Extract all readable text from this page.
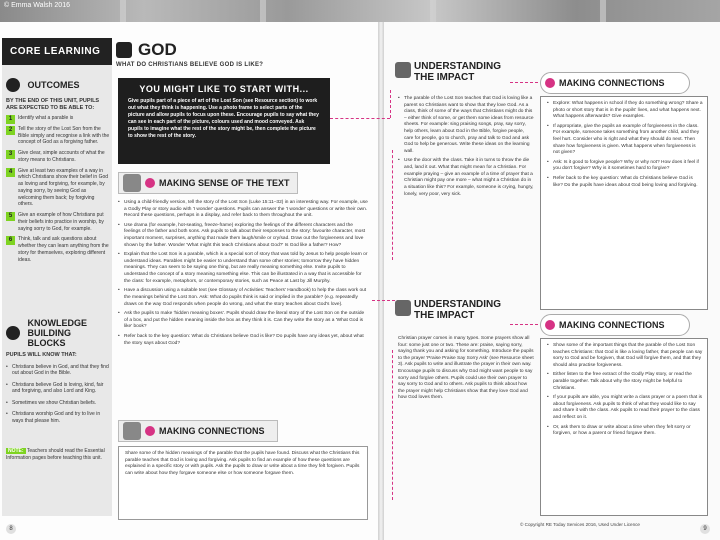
© Emma Walsh 2016
CORE LEARNING
OUTCOMES
BY THE END OF THIS UNIT, PUPILS ARE EXPECTED TO BE ABLE TO:
1	Identify what a parable is
2	Tell the story of the Lost Son from the Bible simply and recognise a link with the concept of God as a forgiving father.
3	Give clear, simple accounts of what the story means to Christians.
4	Give at least two examples of a way in which Christians show their belief in God as loving and forgiving, for example, by saying sorry, by seeing God as welcoming them back; by forgiving others.
5	Give an example of how Christians put their beliefs into practice in worship, by saying sorry to God, for example.
6	Think, talk and ask questions about whether they can learn anything from the story for themselves, exploring different ideas.
KNOWLEDGE BUILDING BLOCKS
PUPILS WILL KNOW THAT:
• Christians believe in God, and that they find out about God in the Bible.
• Christians believe God is loving, kind, fair and forgiving, and also Lord and King.
• Sometimes we show Christian beliefs.
• Christians worship God and try to live in ways that please him.
NOTE: Teachers should read the Essential Information pages before teaching this unit.
GOD
WHAT DO CHRISTIANS BELIEVE GOD IS LIKE?
YOU MIGHT LIKE TO START WITH...

Give pupils part of a piece of art of the Lost Son (see Resource section) to work out what they think is happening. Use a photo frame to select parts of the picture and allow pupils to focus upon these. Encourage pupils to say what they can see in each part of the picture, colours used and mood conveyed. Ask pupils to imagine what the rest of the story might be, then complete the picture to show the rest of the story.

MAKING SENSE OF THE TEXT
• Using a child-friendly version, tell the story of the Lost Son (Luke 15:11–32) in an interesting way. For example, use a Godly Play or story audio with 'I wonder' questions. Pupils can answer the 'I wonder' questions or write their own. Record these questions, perhaps in a display, and refer back to them throughout the unit.
• Use drama (for example, hot-seating, freeze-frame) exploring the feelings of the different characters and the feelings of the father and both sons. Ask pupils to talk about their responses to the story: favourite character, most important moment, surprises, anything that made them laugh/smile or cry/sad. Draw out the forgiveness and love shown by the father. Wonder 'What might this teach Christians about God?' Is God like a father? How?
• Explain that the Lost Son is a parable, which is a special sort of story that was told by Jesus to help people learn or understand ideas. Parables might be easier to understand than some other stories; tomorrow they have hidden meanings. They can seem to be saying one thing, but are really meaning something else. Invite pupils to understand the concept of a story meaning something else. This can be illustrated in a way that is accessible for the class: for example, metaphors, or contemporary stories, such as Peace at Last by Jill Murphy.
• Have a discussion using a suitable text (see Glossary of Activities: Teachers' Handbook) to help the class work out the meanings behind the Lost Son. Ask: What do pupils think is said or implied in the parable? (e.g. repeatedly draws on the way God responds when people do wrong, and what the story teaches about God's love).
• Ask the pupils to make 'hidden meaning boxes'. Pupils should draw the literal story of the Lost Son on the outside of a box, and put the hidden meaning inside the box as they think it is. Can they write the story as a 'What God is like' book?
• Refer back to the key question: What do Christians believe God is like? Do pupils have any ideas yet, about what the story says about God?
MAKING CONNECTIONS
Share some of the hidden meanings of the parable that the pupils have found. Discuss what the Christians this parable teaches that God is loving and forgiving. Ask pupils to find an example of how these questions are explained in a specific story or with pupils. Ask the pupils to draw or write about a time they felt forgiven. Pupils can write about how they forgave someone else or how someone forgave them.
8
UNDERSTANDING THE IMPACT
• The parable of the Lost Son teaches that God is loving like a parent so Christians want to show that they love God. As a class, think of some of the ways that Christians might do this – either think of some, or get them some ideas from resource sheets. For example: sing praising songs, pray, say sorry, help others, learn about God in the Bible, forgive people, care for people, go to church, pray and talk to God and ask God to help be generous. Write these ideas on the learning wall.
• Use the door with the class. Take it in turns to throw the die and, land it out. What that might mean for a Christian. For example praying – give an example of a time of prayer that a Christian might pay one more – what might a Christian do in a situation like this? For example, someone is crying, hungry, lonely, very poor, very sick.
UNDERSTANDING THE IMPACT
Christian prayer comes in many types. Some prayers show all four: some just one or two. These are: praise, saying sorry, saying thank you and asking for something. Introduce the pupils to the prayer 'Praise Praise Say Sorry Ask' (see Resource sheet 3). Ask pupils to write and illustrate the prayer in their own way. Encourage pupils to discuss why God might want people to say sorry and forgive others. Pupils could use their own prayer to say sorry to God and to others. Ask pupils to think about how the prayer might help Christians show that they love God and how God loves them.
MAKING CONNECTIONS
• Explore: What happens in school if they do something wrong? Share a photo or short story that is in the pupils' lives, and what happens next. What happens afterwards? Give examples.
• If appropriate, give the pupils an example of forgiveness in the class. For example, someone takes something from another child, and they feel hurt. Consider who is right and what they should do next. Then share how forgiveness is given. What happens when forgiveness is not given?
• Ask: Is it good to forgive people? Why or why not? How does it feel if you don't forgive? Why is it sometimes hard to forgive?
• Refer back to the key question: What do Christians believe God is like? Do the pupils have ideas about God being loving and forgiving.
MAKING CONNECTIONS
• Show some of the important things that the parable of the Lost Son teaches Christians: that God is like a loving father, that people can say sorry to God and be forgiven, that God will forgive them, and that they should also practise forgiveness.
• Either listen to the free extract of the Godly Play story, or read the parable together. Talk about why the story might be helpful to Christians.
• If your pupils are able, you might write a class prayer or a poem that is about forgiveness. Ask pupils to think of what they would like to say and share it with the class. Ask pupils to read their prayer to the class and reflect on it.
• Or, ask them to draw or write about a time when they felt sorry or forgiven, or how a parent or friend forgave them.
© Copyright RE Today Services 2016, Used Under Licence
9
